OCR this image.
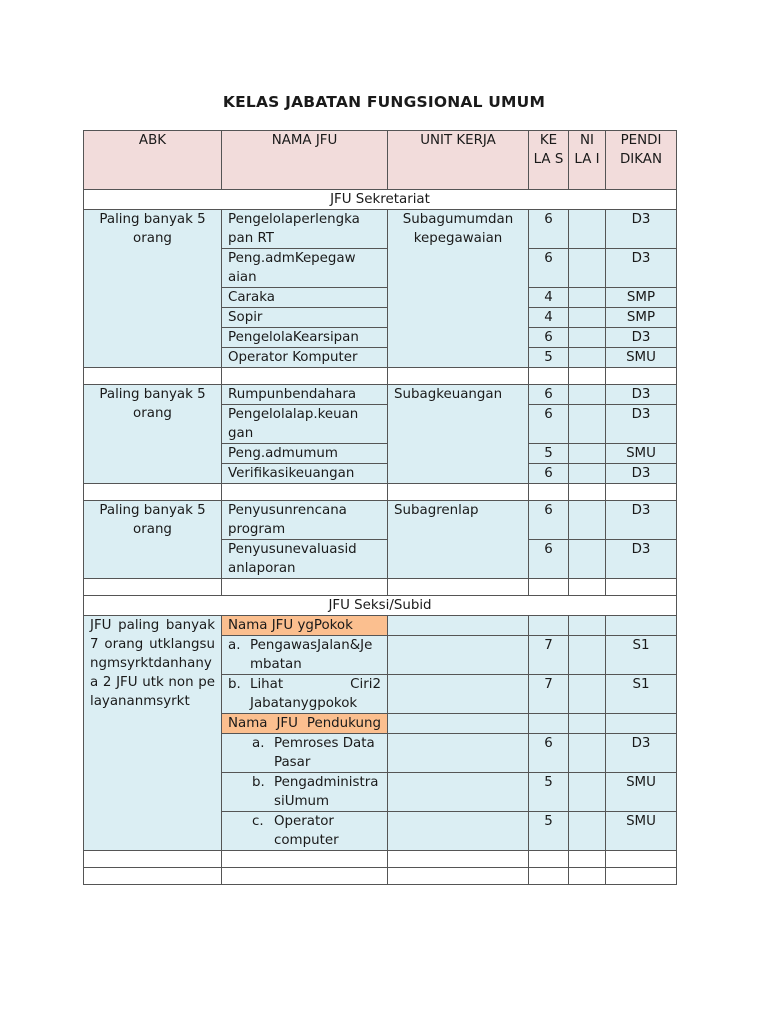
KELAS JABATAN FUNGSIONAL UMUM
ABK	NAMA JFU	UNIT KERJA	KE LA S	NI LA I	PENDI DIKAN
JFU Sekretariat					
Paling banyak 5 orang	Pengelolaperlengka pan RT	Subagumumdan kepegawaian	6		D3
	Peng.admKepegaw aian		6		D3
	Caraka		4		SMP
	Sopir		4		SMP
	PengelolaKearsipan		6		D3
	Operator Komputer		5		SMU

Paling banyak 5 orang	Rumpunbendahara	Subagkeuangan	6		D3
	Pengelolalap.keuan gan		6		D3
	Peng.admumum		5		SMU
	Verifikasikeuangan		6		D3

Paling banyak 5 orang	Penyusunrencana program	Subagrenlap	6		D3
	Penyusunevaluasid anlaporan		6		D3

JFU Seksi/Subid					
JFU paling banyak 7 orang utklangsungmsyrktdanhanya 2 JFU utk non pelayananmsyrkt	Nama JFU ygPokok				

	a. PengawasJalan&Jembatan		7		S1

	b. Lihat Ciri2 Jabatanygpokok		7		S1
	Nama JFU Pendukung				

	a. Pemroses Data Pasar		6		D3

	b. PengadministrasiUmum		5		SMU

	c. Operator computer		5		SMU
